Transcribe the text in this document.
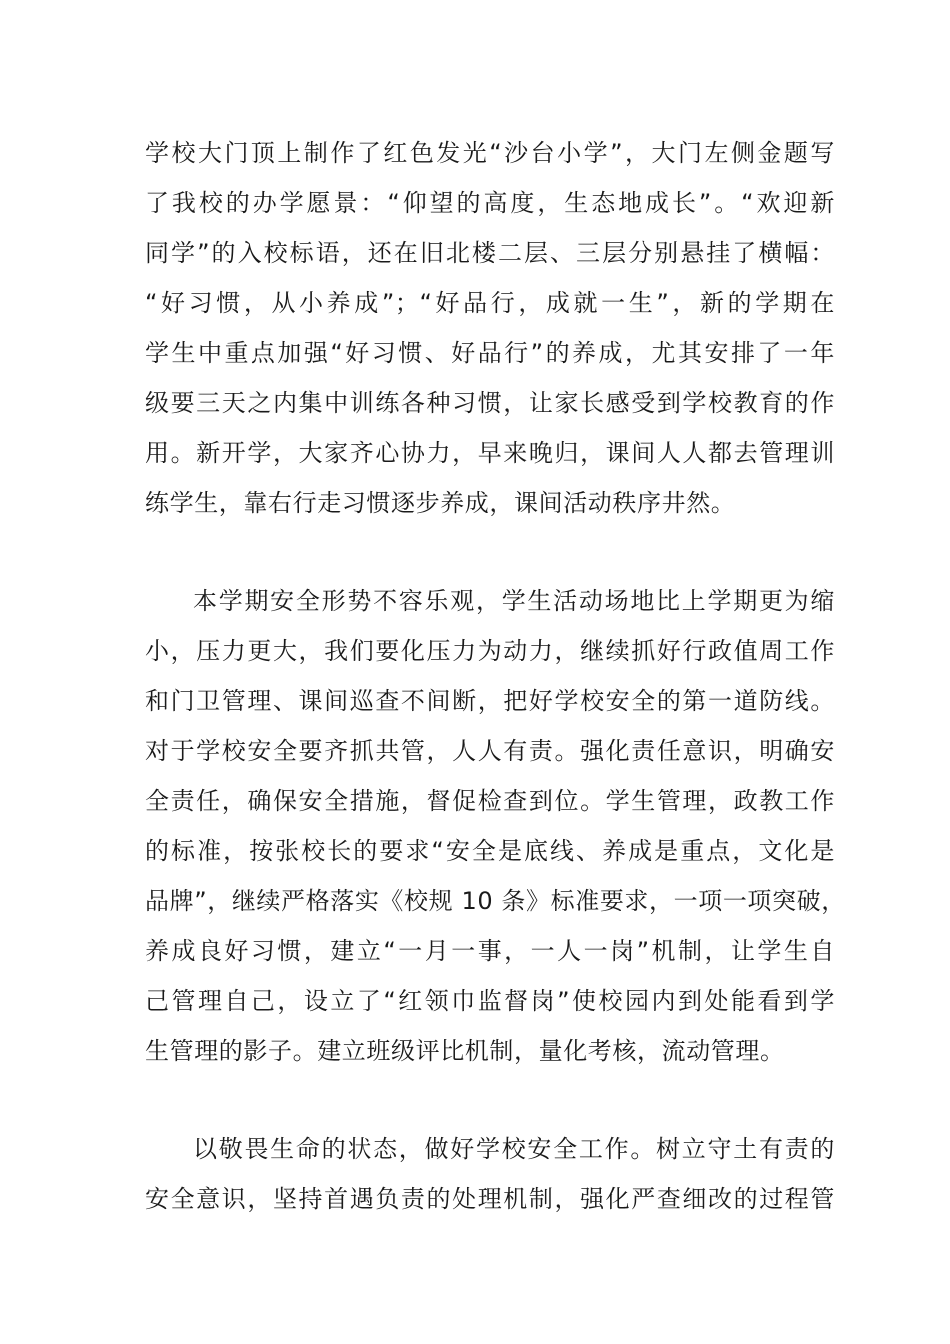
学校大门顶上制作了红色发光“沙台小学”，大门左侧金题写
了我校的办学愿景：“仰望的高度，生态地成长”。“欢迎新
同学”的入校标语，还在旧北楼二层、三层分别悬挂了横幅：
“好习惯，从小养成”；“好品行，成就一生”，新的学期在
学生中重点加强“好习惯、好品行”的养成，尤其安排了一年
级要三天之内集中训练各种习惯，让家长感受到学校教育的作
用。新开学，大家齐心协力，早来晚归，课间人人都去管理训
练学生，靠右行走习惯逐步养成，课间活动秩序井然。
本学期安全形势不容乐观，学生活动场地比上学期更为缩
小，压力更大，我们要化压力为动力，继续抓好行政值周工作
和门卫管理、课间巡查不间断，把好学校安全的第一道防线。
对于学校安全要齐抓共管，人人有责。强化责任意识，明确安
全责任，确保安全措施，督促检查到位。学生管理，政教工作
的标准，按张校长的要求“安全是底线、养成是重点，文化是
品牌”，继续严格落实《校规 10 条》标准要求，一项一项突破，
养成良好习惯，建立“一月一事，一人一岗”机制，让学生自
己管理自己，设立了“红领巾监督岗”使校园内到处能看到学
生管理的影子。建立班级评比机制，量化考核，流动管理。
以敬畏生命的状态，做好学校安全工作。树立守土有责的
安全意识，坚持首遇负责的处理机制，强化严查细改的过程管
